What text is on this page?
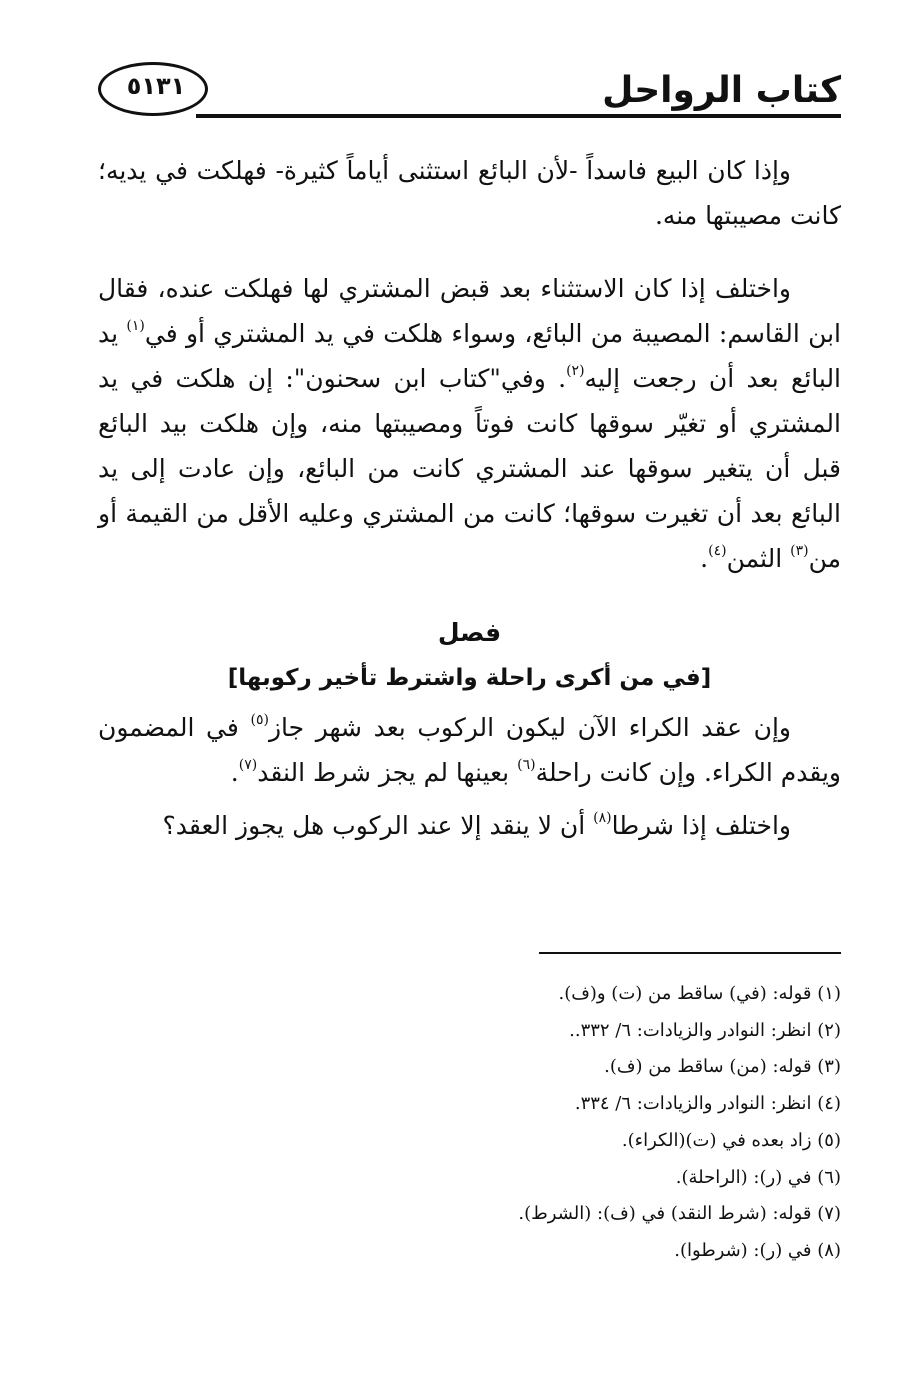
كتاب الرواحل
٥١٣١

وإذا كان البيع فاسداً -لأن البائع استثنى أياماً كثيرة- فهلكت في يديه؛ كانت مصيبتها منه.

واختلف إذا كان الاستثناء بعد قبض المشتري لها فهلكت عنده، فقال ابن القاسم: المصيبة من البائع، وسواء هلكت في يد المشتري أو في$^{(١)}$ يد البائع بعد أن رجعت إليه$^{(٢)}$. وفي"كتاب ابن سحنون": إن هلكت في يد المشتري أو تغيّر سوقها كانت فوتاً ومصيبتها منه، وإن هلكت بيد البائع قبل أن يتغير سوقها عند المشتري كانت من البائع، وإن عادت إلى يد البائع بعد أن تغيرت سوقها؛ كانت من المشتري وعليه الأقل من القيمة أو من$^{(٣)}$ الثمن$^{(٤)}$.

فصل
[في من أكرى راحلة واشترط تأخير ركوبها]

وإن عقد الكراء الآن ليكون الركوب بعد شهر جاز$^{(٥)}$ في المضمون ويقدم الكراء. وإن كانت راحلة$^{(٦)}$ بعينها لم يجز شرط النقد$^{(٧)}$.

واختلف إذا شرطا$^{(٨)}$ أن لا ينقد إلا عند الركوب هل يجوز العقد؟

(١) قوله: (في) ساقط من (ت) و(ف).
(٢) انظر: النوادر والزيادات: ٦/ ٣٣٢..
(٣) قوله: (من) ساقط من (ف).
(٤) انظر: النوادر والزيادات: ٦/ ٣٣٤.
(٥) زاد بعده في (ت)(الكراء).
(٦) في (ر): (الراحلة).
(٧) قوله: (شرط النقد) في (ف): (الشرط).
(٨) في (ر): (شرطوا).
